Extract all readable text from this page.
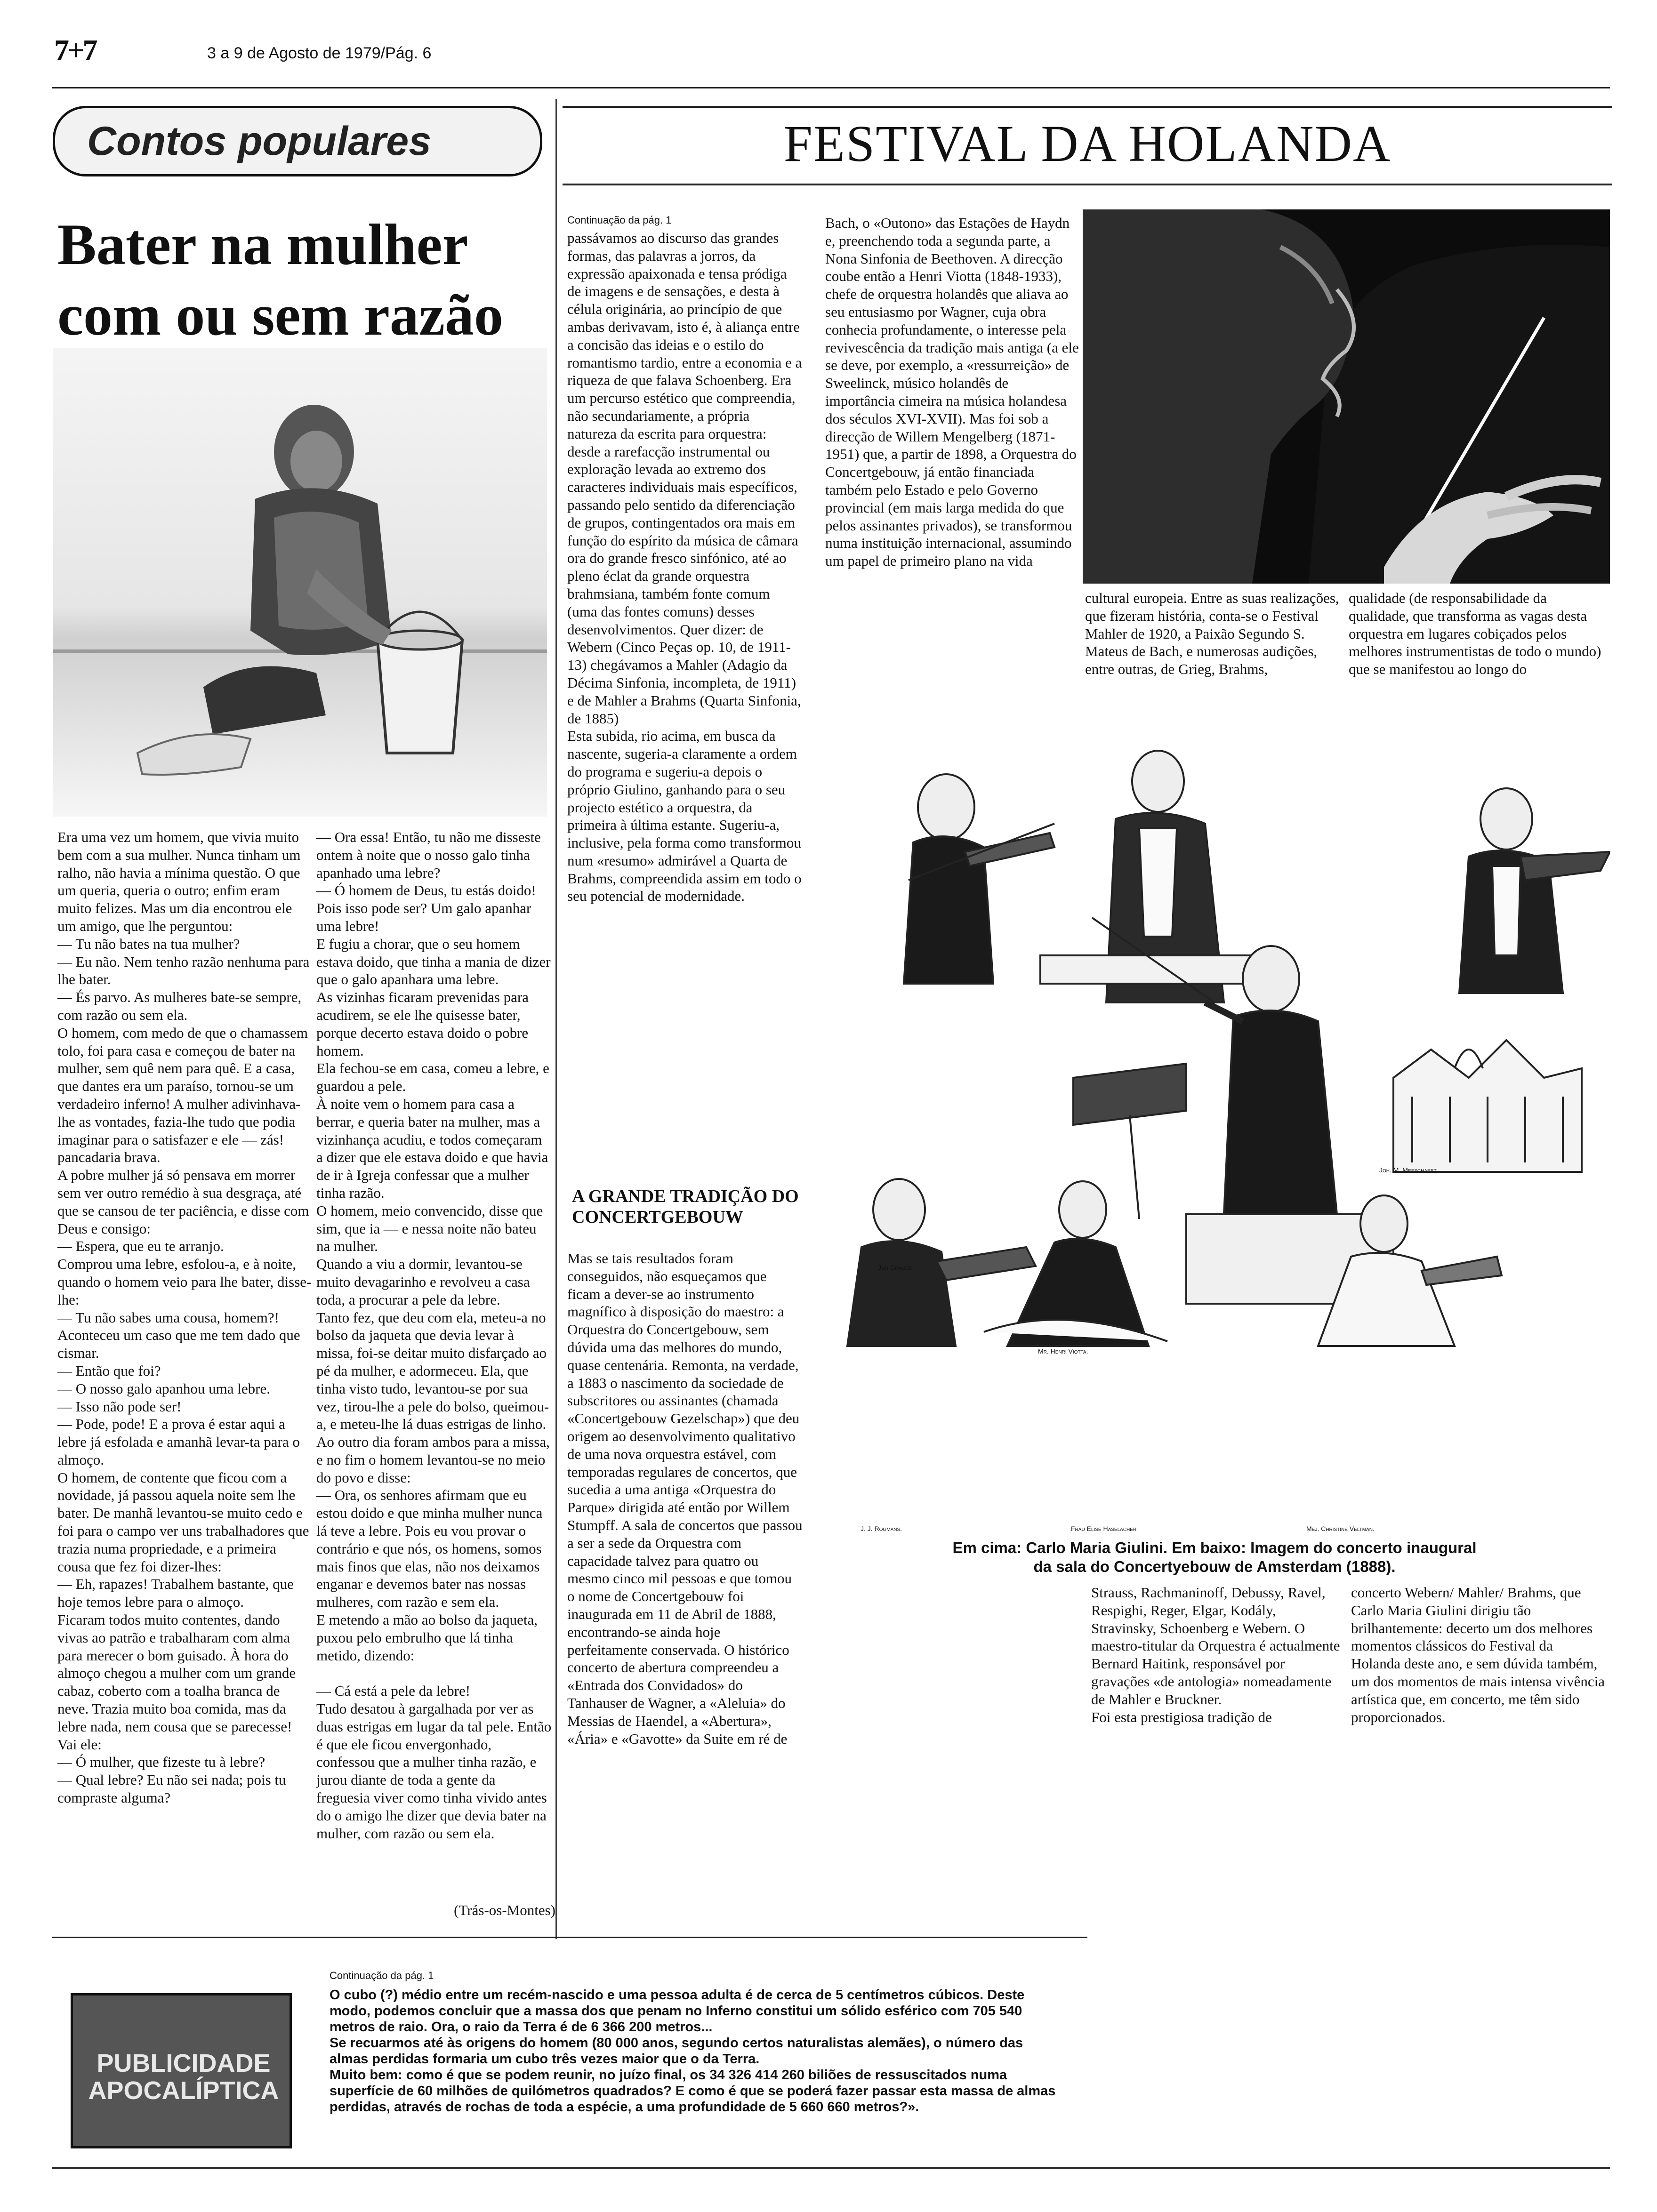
7+7	3 a 9 de Agosto de 1979/Pág. 6
Contos populares
Bater na mulher
com ou sem razão
Era uma vez um homem, que vivia muito bem com a sua mulher. Nunca tinham um ralho, não havia a mínima questão. O que um queria, queria o outro; enfim eram muito felizes. Mas um dia encontrou ele um amigo, que lhe perguntou:
— Tu não bates na tua mulher?
— Eu não. Nem tenho razão nenhuma para lhe bater.
— És parvo. As mulheres bate-se sempre, com razão ou sem ela.
O homem, com medo de que o chamassem tolo, foi para casa e começou de bater na mulher, sem quê nem para quê. E a casa, que dantes era um paraíso, tornou-se um verdadeiro inferno! A mulher adivinhava-lhe as vontades, fazia-lhe tudo que podia imaginar para o satisfazer e ele — zás! pancadaria brava.
A pobre mulher já só pensava em morrer sem ver outro remédio à sua desgraça, até que se cansou de ter paciência, e disse com Deus e consigo:
— Espera, que eu te arranjo.
Comprou uma lebre, esfolou-a, e à noite, quando o homem veio para lhe bater, disse-lhe:
— Tu não sabes uma cousa, homem?! Aconteceu um caso que me tem dado que cismar.
— Então que foi?
— O nosso galo apanhou uma lebre.
— Isso não pode ser!
— Pode, pode! E a prova é estar aqui a lebre já esfolada e amanhã levar-ta para o almoço.
O homem, de contente que ficou com a novidade, já passou aquela noite sem lhe bater. De manhã levantou-se muito cedo e foi para o campo ver uns trabalhadores que trazia numa propriedade, e a primeira cousa que fez foi dizer-lhes:
— Eh, rapazes! Trabalhem bastante, que hoje temos lebre para o almoço.
Ficaram todos muito contentes, dando vivas ao patrão e trabalharam com alma para merecer o bom guisado. À hora do almoço chegou a mulher com um grande cabaz, coberto com a toalha branca de neve. Trazia muito boa comida, mas da lebre nada, nem cousa que se parecesse!
Vai ele:
— Ó mulher, que fizeste tu à lebre?
— Qual lebre? Eu não sei nada; pois tu compraste alguma?
— Ora essa! Então, tu não me disseste ontem à noite que o nosso galo tinha apanhado uma lebre?
— Ó homem de Deus, tu estás doido! Pois isso pode ser? Um galo apanhar uma lebre!
E fugiu a chorar, que o seu homem estava doido, que tinha a mania de dizer que o galo apanhara uma lebre.
As vizinhas ficaram prevenidas para acudirem, se ele lhe quisesse bater, porque decerto estava doido o pobre homem.
Ela fechou-se em casa, comeu a lebre, e guardou a pele.
À noite vem o homem para casa a berrar, e queria bater na mulher, mas a vizinhança acudiu, e todos começaram a dizer que ele estava doido e que havia de ir à Igreja confessar que a mulher tinha razão.
O homem, meio convencido, disse que sim, que ia — e nessa noite não bateu na mulher.
Quando a viu a dormir, levantou-se muito devagarinho e revolveu a casa toda, a procurar a pele da lebre.
Tanto fez, que deu com ela, meteu-a no bolso da jaqueta que devia levar à missa, foi-se deitar muito disfarçado ao pé da mulher, e adormeceu. Ela, que tinha visto tudo, levantou-se por sua vez, tirou-lhe a pele do bolso, queimou-a, e meteu-lhe lá duas estrigas de linho.
Ao outro dia foram ambos para a missa, e no fim o homem levantou-se no meio do povo e disse:
— Ora, os senhores afirmam que eu estou doido e que minha mulher nunca lá teve a lebre. Pois eu vou provar o contrário e que nós, os homens, somos mais finos que elas, não nos deixamos enganar e devemos bater nas nossas mulheres, com razão e sem ela.
E metendo a mão ao bolso da jaqueta, puxou pelo embrulho que lá tinha metido, dizendo:

— Cá está a pele da lebre!
Tudo desatou à gargalhada por ver as duas estrigas em lugar da tal pele. Então é que ele ficou envergonhado, confessou que a mulher tinha razão, e jurou diante de toda a gente da freguesia viver como tinha vivido antes do o amigo lhe dizer que devia bater na mulher, com razão ou sem ela.
(Trás-os-Montes)
FESTIVAL DA HOLANDA
Continuação da pág. 1
passávamos ao discurso das grandes formas, das palavras a jorros, da expressão apaixonada e tensa pródiga de imagens e de sensações, e desta à célula originária, ao princípio de que ambas derivavam, isto é, à aliança entre a concisão das ideias e o estilo do romantismo tardio, entre a economia e a riqueza de que falava Schoenberg. Era um percurso estético que compreendia, não secundariamente, a própria natureza da escrita para orquestra: desde a rarefacção instrumental ou exploração levada ao extremo dos caracteres individuais mais específicos, passando pelo sentido da diferenciação de grupos, contingentados ora mais em função do espírito da música de câmara ora do grande fresco sinfónico, até ao pleno éclat da grande orquestra brahmsiana, também fonte comum (uma das fontes comuns) desses desenvolvimentos. Quer dizer: de Webern (Cinco Peças op. 10, de 1911-13) chegávamos a Mahler (Adagio da Décima Sinfonia, incompleta, de 1911) e de Mahler a Brahms (Quarta Sinfonia, de 1885)
Esta subida, rio acima, em busca da nascente, sugeria-a claramente a ordem do programa e sugeriu-a depois o próprio Giulino, ganhando para o seu projecto estético a orquestra, da primeira à última estante. Sugeriu-a, inclusive, pela forma como transformou num «resumo» admirável a Quarta de Brahms, compreendida assim em todo o seu potencial de modernidade.
A GRANDE TRADIÇÃO DO CONCERTGEBOUW
Mas se tais resultados foram conseguidos, não esqueçamos que ficam a dever-se ao instrumento magnífico à disposição do maestro: a Orquestra do Concertgebouw, sem dúvida uma das melhores do mundo, quase centenária. Remonta, na verdade, a 1883 o nascimento da sociedade de subscritores ou assinantes (chamada «Concertgebouw Gezelschap») que deu origem ao desenvolvimento qualitativo de uma nova orquestra estável, com temporadas regulares de concertos, que sucedia a uma antiga «Orquestra do Parque» dirigida até então por Willem Stumpff. A sala de concertos que passou a ser a sede da Orquestra com capacidade talvez para quatro ou mesmo cinco mil pessoas e que tomou o nome de Concertgebouw foi inaugurada em 11 de Abril de 1888, encontrando-se ainda hoje perfeitamente conservada. O histórico concerto de abertura compreendeu a «Entrada dos Convidados» do Tanhauser de Wagner, a «Aleluia» do Messias de Haendel, a «Abertura», «Ária» e «Gavotte» da Suite em ré de
Bach, o «Outono» das Estações de Haydn e, preenchendo toda a segunda parte, a Nona Sinfonia de Beethoven. A direcção coube então a Henri Viotta (1848-1933), chefe de orquestra holandês que aliava ao seu entusiasmo por Wagner, cuja obra conhecia profundamente, o interesse pela revivescência da tradição mais antiga (a ele se deve, por exemplo, a «ressurreição» de Sweelinck, músico holandês de importância cimeira na música holandesa dos séculos XVI-XVII). Mas foi sob a direcção de Willem Mengelberg (1871-1951) que, a partir de 1898, a Orquestra do Concertgebouw, já então financiada também pelo Estado e pelo Governo provincial (em mais larga medida do que pelos assinantes privados), se transformou numa instituição internacional, assumindo um papel de primeiro plano na vida
cultural europeia. Entre as suas realizações, que fizeram história, conta-se o Festival Mahler de 1920, a Paixão Segundo S. Mateus de Bach, e numerosas audições, entre outras, de Grieg, Brahms,
qualidade (de responsabilidade da qualidade, que transforma as vagas desta orquestra em lugares cobiçados pelos melhores instrumentistas de todo o mundo) que se manifestou ao longo do
Joh Cramer.
Joh. M. Messchaert.
Mr. Henri Viotta.
J. J. Rogmans.	Frau Elise Haselacher	Mej. Christine Veltman.
Em cima: Carlo Maria Giulini. Em baixo: Imagem do concerto inaugural
da sala do Concertyebouw de Amsterdam (1888).
PUBLICIDADE APOCALÍPTICA
Continuação da pág. 1
O cubo (?) médio entre um recém-nascido e uma pessoa adulta é de cerca de 5 centímetros cúbicos. Deste modo, podemos concluir que a massa dos que penam no Inferno constitui um sólido esférico com 705 540 metros de raio. Ora, o raio da Terra é de 6 366 200 metros...
Se recuarmos até às origens do homem (80 000 anos, segundo certos naturalistas alemães), o número das almas perdidas formaria um cubo três vezes maior que o da Terra.
Muito bem: como é que se podem reunir, no juízo final, os 34 326 414 260 biliões de ressuscitados numa superfície de 60 milhões de quilómetros quadrados? E como é que se poderá fazer passar esta massa de almas perdidas, através de rochas de toda a espécie, a uma profundidade de 5 660 660 metros?».
Strauss, Rachmaninoff, Debussy, Ravel, Respighi, Reger, Elgar, Kodály, Stravinsky, Schoenberg e Webern. O maestro-titular da Orquestra é actualmente Bernard Haitink, responsável por gravações «de antologia» nomeadamente de Mahler e Bruckner.
Foi esta prestigiosa tradição de
concerto Webern/ Mahler/ Brahms, que Carlo Maria Giulini dirigiu tão brilhantemente: decerto um dos melhores momentos clássicos do Festival da Holanda deste ano, e sem dúvida também, um dos momentos de mais intensa vivência artística que, em concerto, me têm sido proporcionados.
